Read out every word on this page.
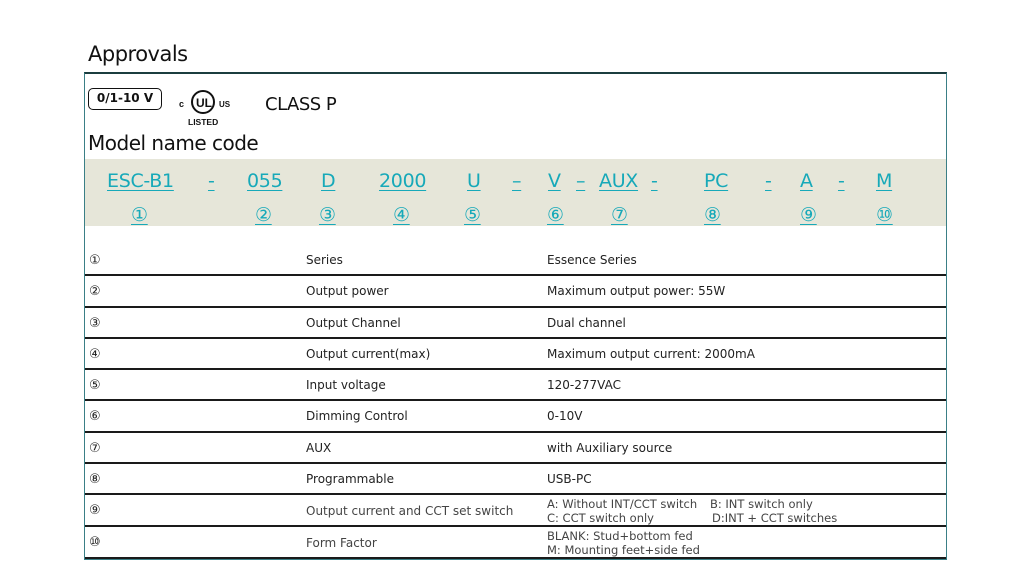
Approvals
0/1-10 V	c UL US
LISTED
CLASS P
Model name code
ESC-B1 - 055 D 2000 U – V – AUX - PC - A - M
①	② ③	④	⑤	⑥ ⑦	⑧	⑨	⑩
①	Series	Essence Series
②	Output power	Maximum output power: 55W
③	Output Channel	Dual channel
④	Output current(max)	Maximum output current: 2000mA
⑤	Input voltage	120-277VAC
⑥	Dimming Control	0-10V
⑦	AUX	with Auxiliary source
⑧	Programmable	USB-PC
⑨	Output current and CCT set switch	A: Without INT/CCT switch B: INT switch only
C: CCT switch only	D:INT + CCT switches
⑩	Form Factor	BLANK: Stud+bottom fed
M: Mounting feet+side fed
